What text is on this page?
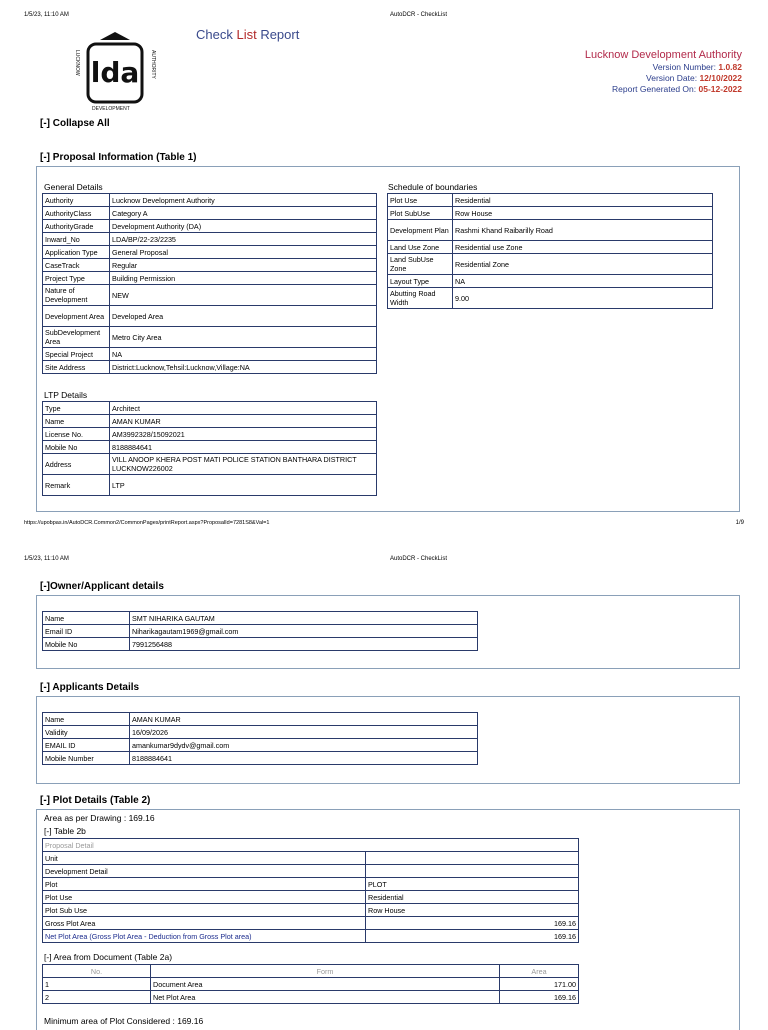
1/5/23, 11:10 AM	AutoDCR - CheckList
Check List Report
lda
LUCKNOW
DEVELOPMENT
AUTHORITY	Lucknow Development Authority
Version Number: 1.0.82
Version Date: 12/10/2022
Report Generated On: 05-12-2022
[-] Collapse All
[-] Proposal Information (Table 1)
General Details
Authority	Lucknow Development Authority
AuthorityClass	Category A
AuthorityGrade	Development Authority (DA)
Inward_No	LDA/BP/22-23/2235
Application Type	General Proposal
CaseTrack	Regular
Project Type	Building Permission
Nature of Development	NEW
Development Area	Developed Area
SubDevelopment Area	Metro City Area
Special Project	NA
Site Address	District:Lucknow,Tehsil:Lucknow,Village:NA
LTP Details
Type	Architect
Name	AMAN KUMAR
License No.	AM3992328/15092021
Mobile No	8188884641
Address	VILL ANOOP KHERA POST MATI POLICE STATION BANTHARA DISTRICT LUCKNOW226002
Remark	LTP
Schedule of boundaries
Plot Use	Residential
Plot SubUse	Row House
Development Plan	Rashmi Khand Raibarilly Road
Land Use Zone	Residential use Zone
Land SubUse Zone	Residential Zone
Layout Type	NA
Abutting Road Width	9.00
https://upobpas.in/AutoDCR.Common2/CommonPages/printReport.aspx?ProposalId=7281S8&Val=1	1/9
1/5/23, 11:10 AM	AutoDCR - CheckList
[-]Owner/Applicant details
Name	SMT NIHARIKA GAUTAM
Email ID	Niharikagautam1969@gmail.com
Mobile No	7991256488
[-] Applicants Details
Name	AMAN KUMAR
Validity	16/09/2026
EMAIL ID	amankumar9dydv@gmail.com
Mobile Number	8188884641
[-] Plot Details (Table 2)
Area as per Drawing : 169.16
[-] Table 2b
Proposal Detail	
Unit	
Development Detail	
Plot	PLOT
Plot Use	Residential
Plot Sub Use	Row House
Gross Plot Area	169.16
Net Plot Area (Gross Plot Area - Deduction from Gross Plot area)	169.16
[-] Area from Document (Table 2a)
No.	Form	Area
1	Document Area	171.00
2	Net Plot Area	169.16
Minimum area of Plot Considered : 169.16
